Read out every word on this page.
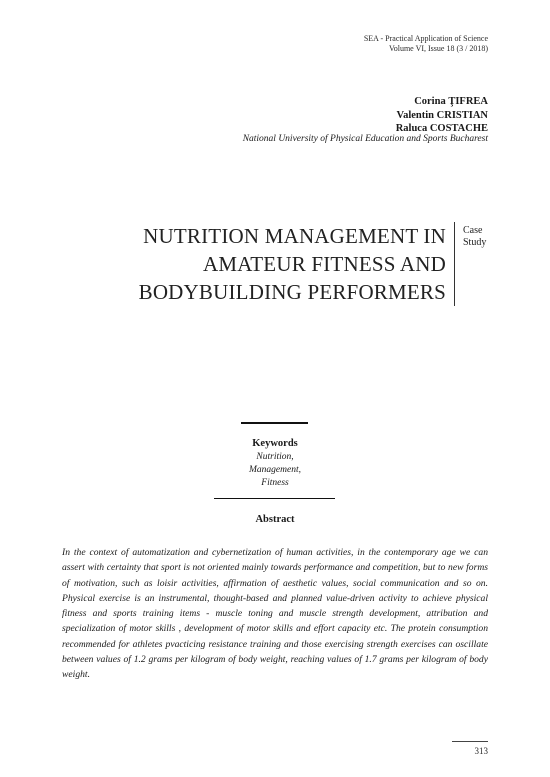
SEA - Practical Application of Science
Volume VI, Issue 18 (3 / 2018)
Corina ŢIFREA
Valentin CRISTIAN
Raluca COSTACHE
National University of Physical Education and Sports Bucharest
NUTRITION MANAGEMENT IN
AMATEUR FITNESS AND
BODYBUILDING PERFORMERS
Case
Study
Keywords
Nutrition,
Management,
Fitness
Abstract
In the context of automatization and cybernetization of human activities, in the contemporary age we can assert with certainty that sport is not oriented mainly towards performance and competition, but to new forms of motivation, such as loisir activities, affirmation of aesthetic values, social communication and so on. Physical exercise is an instrumental, thought-based and planned value-driven activity to achieve physical fitness and sports training items - muscle toning and muscle strength development, attribution and specialization of motor skills , development of motor skills and effort capacity etc. The protein consumption recommended for athletes pvacticing resistance training and those exercising strength exercises can oscillate between values of 1.2 grams per kilogram of body weight, reaching values of 1.7 grams per kilogram of body weight.
313
